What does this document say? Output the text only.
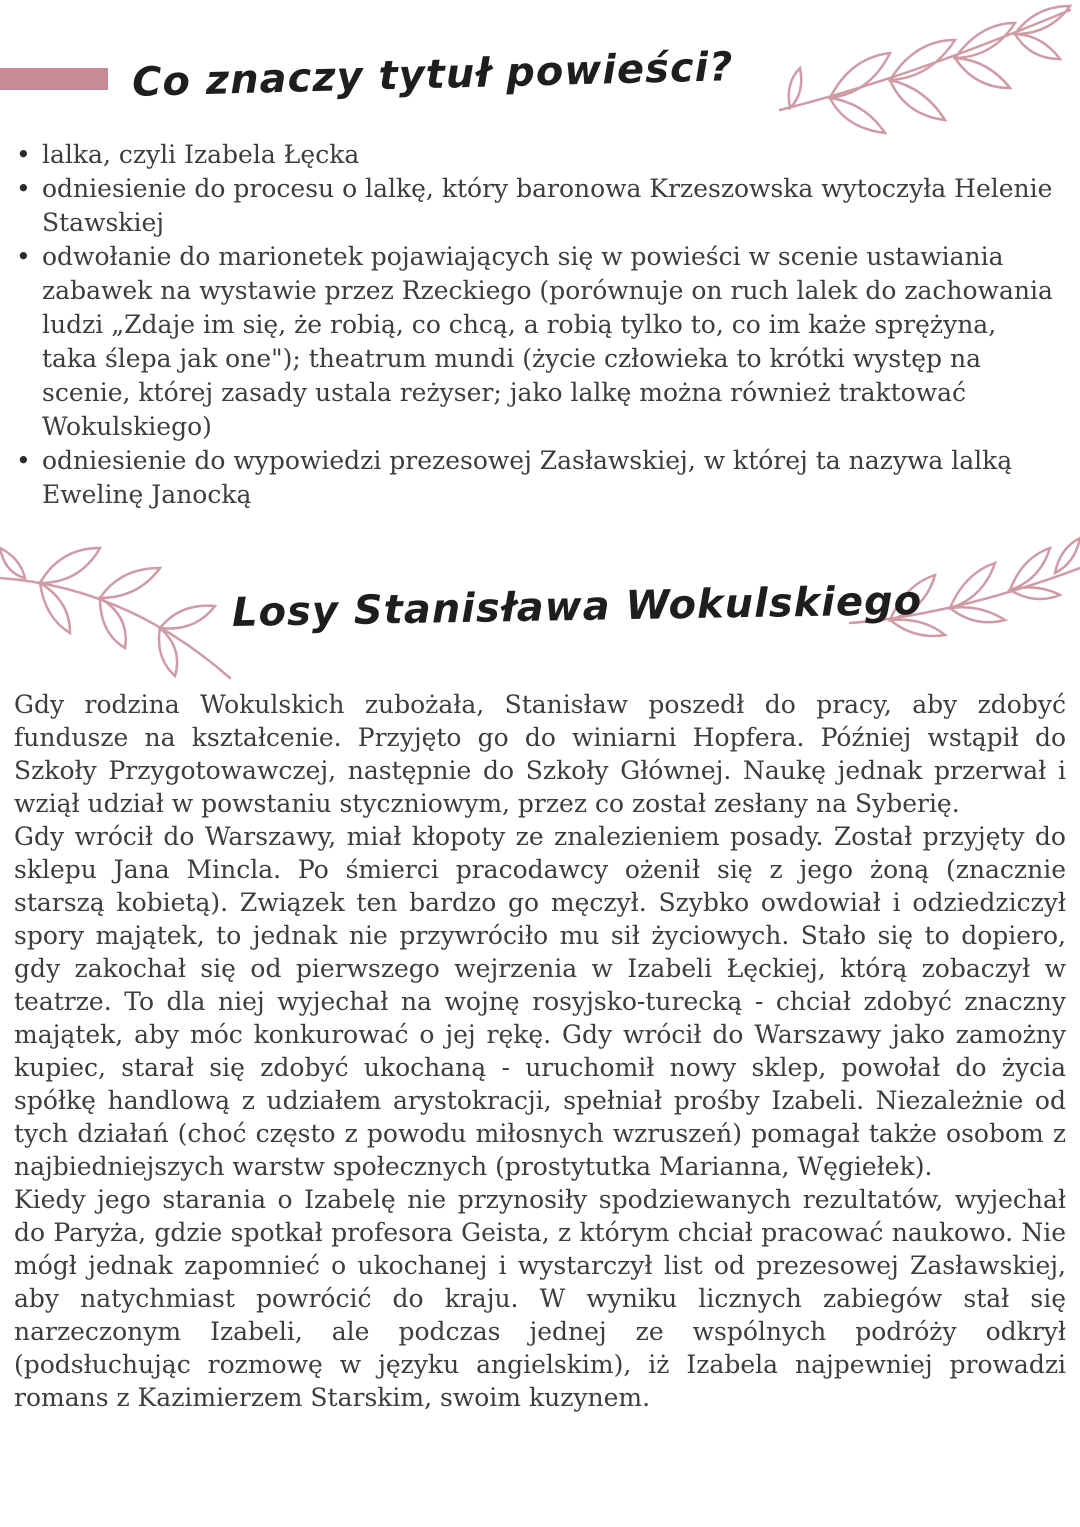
Co znaczy tytuł powieści?
• lalka, czyli Izabela Łęcka
• odniesienie do procesu o lalkę, który baronowa Krzeszowska wytoczyła Helenie Stawskiej
• odwołanie do marionetek pojawiających się w powieści w scenie ustawiania zabawek na wystawie przez Rzeckiego (porównuje on ruch lalek do zachowania ludzi „Zdaje im się, że robią, co chcą, a robią tylko to, co im każe sprężyna, taka ślepa jak one"); theatrum mundi (życie człowieka to krótki występ na scenie, której zasady ustala reżyser; jako lalkę można również traktować Wokulskiego)
• odniesienie do wypowiedzi prezesowej Zasławskiej, w której ta nazywa lalką Ewelinę Janocką
Losy Stanisława Wokulskiego

Gdy rodzina Wokulskich zubożała, Stanisław poszedł do pracy, aby zdobyć fundusze na kształcenie. Przyjęto go do winiarni Hopfera. Później wstąpił do Szkoły Przygotowawczej, następnie do Szkoły Głównej. Naukę jednak przerwał i wziął udział w powstaniu styczniowym, przez co został zesłany na Syberię.

Gdy wrócił do Warszawy, miał kłopoty ze znalezieniem posady. Został przyjęty do sklepu Jana Mincla. Po śmierci pracodawcy ożenił się z jego żoną (znacznie starszą kobietą). Związek ten bardzo go męczył. Szybko owdowiał i odziedziczył spory majątek, to jednak nie przywróciło mu sił życiowych. Stało się to dopiero, gdy zakochał się od pierwszego wejrzenia w Izabeli Łęckiej, którą zobaczył w teatrze. To dla niej wyjechał na wojnę rosyjsko-turecką - chciał zdobyć znaczny majątek, aby móc konkurować o jej rękę. Gdy wrócił do Warszawy jako zamożny kupiec, starał się zdobyć ukochaną - uruchomił nowy sklep, powołał do życia spółkę handlową z udziałem arystokracji, spełniał prośby Izabeli. Niezależnie od tych działań (choć często z powodu miłosnych wzruszeń) pomagał także osobom z najbiedniejszych warstw społecznych (prostytutka Marianna, Węgiełek).

Kiedy jego starania o Izabelę nie przynosiły spodziewanych rezultatów, wyjechał do Paryża, gdzie spotkał profesora Geista, z którym chciał pracować naukowo. Nie mógł jednak zapomnieć o ukochanej i wystarczył list od prezesowej Zasławskiej, aby natychmiast powrócić do kraju. W wyniku licznych zabiegów stał się narzeczonym Izabeli, ale podczas jednej ze wspólnych podróży odkrył (podsłuchując rozmowę w języku angielskim), iż Izabela najpewniej prowadzi romans z Kazimierzem Starskim, swoim kuzynem.
